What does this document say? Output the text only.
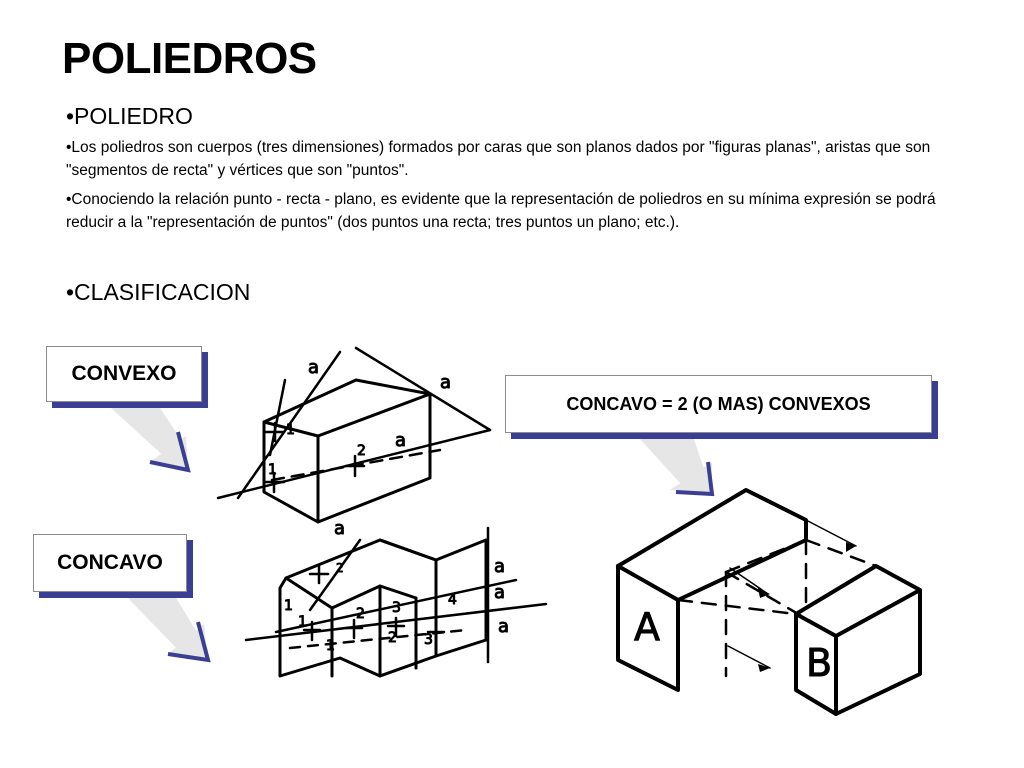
POLIEDROS

•POLIEDRO

•Los poliedros son cuerpos (tres dimensiones) formados por caras que son planos dados por "figuras planas", aristas que son "segmentos de recta" y vértices que son "puntos".

•Conociendo la relación punto - recta - plano, es evidente que la representación de poliedros en su mínima expresión se podrá reducir a la "representación de puntos" (dos puntos una recta; tres puntos un plano; etc.).

•CLASIFICACION

CONVEXO
CONCAVO
CONCAVO = 2 (O MAS) CONVEXOS
a
a
a
1
1
2
a
a
a
a
2
1
1	2 3	4
1	2 3	A
B
